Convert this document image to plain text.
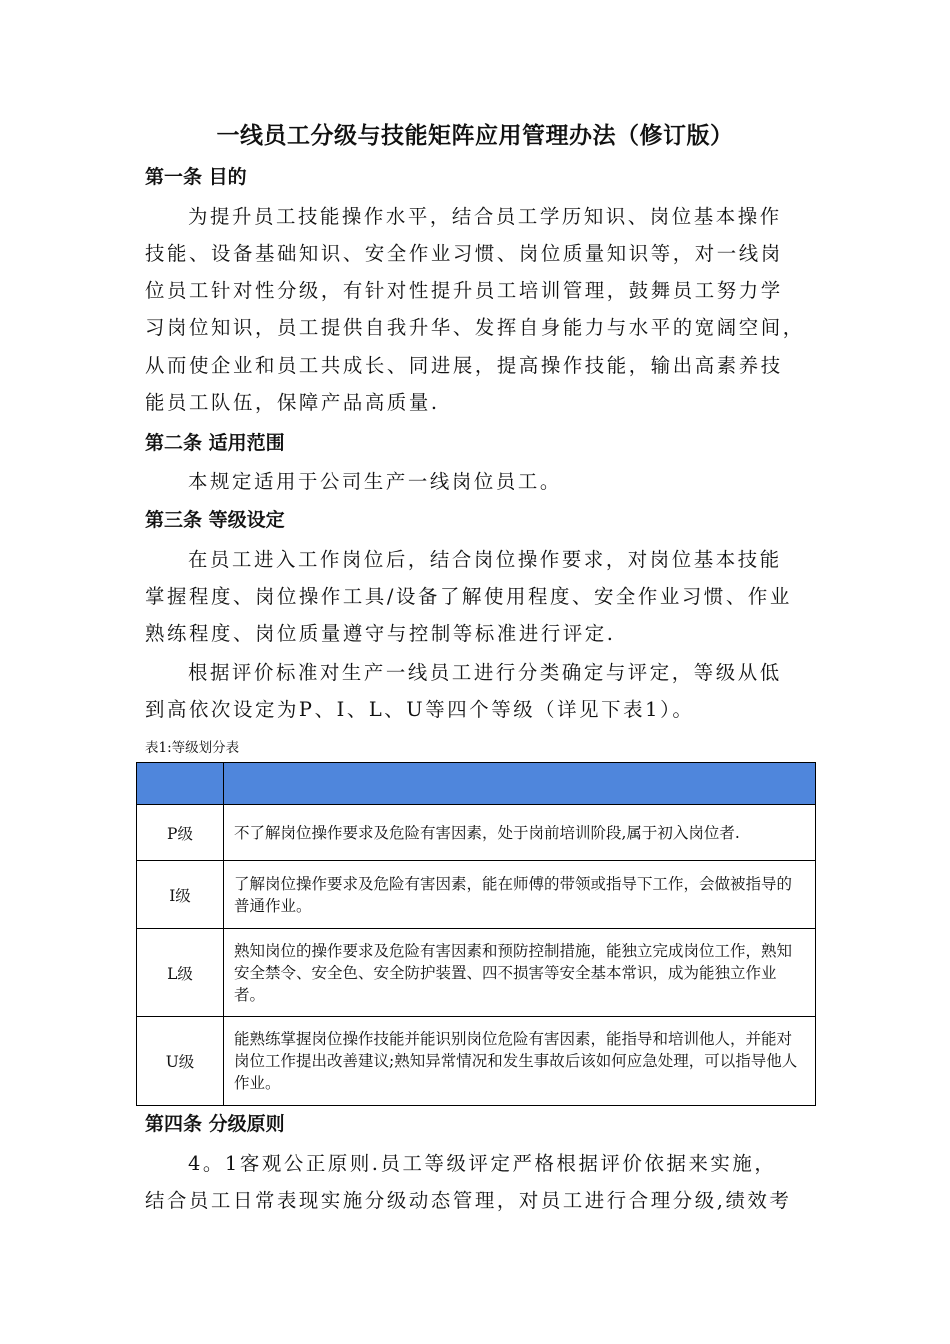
一线员工分级与技能矩阵应用管理办法（修订版）
第一条 目的
为提升员工技能操作水平，结合员工学历知识、岗位基本操作
技能、设备基础知识、安全作业习惯、岗位质量知识等，对一线岗
位员工针对性分级，有针对性提升员工培训管理，鼓舞员工努力学
习岗位知识，员工提供自我升华、发挥自身能力与水平的宽阔空间，
从而使企业和员工共成长、同进展，提高操作技能，输出高素养技
能员工队伍，保障产品高质量.
第二条 适用范围
本规定适用于公司生产一线岗位员工。
第三条 等级设定
在员工进入工作岗位后，结合岗位操作要求，对岗位基本技能
掌握程度、岗位操作工具/设备了解使用程度、安全作业习惯、作业
熟练程度、岗位质量遵守与控制等标准进行评定.
根据评价标准对生产一线员工进行分类确定与评定，等级从低
到高依次设定为P、I、L、U等四个等级（详见下表1）。
表1:等级划分表

P级	不了解岗位操作要求及危险有害因素，处于岗前培训阶段,属于初入岗位者.
I级	了解岗位操作要求及危险有害因素，能在师傅的带领或指导下工作，会做被指导的普通作业。
L级	熟知岗位的操作要求及危险有害因素和预防控制措施，能独立完成岗位工作，熟知安全禁令、安全色、安全防护装置、四不损害等安全基本常识，成为能独立作业者。
U级	能熟练掌握岗位操作技能并能识别岗位危险有害因素，能指导和培训他人，并能对岗位工作提出改善建议;熟知异常情况和发生事故后该如何应急处理，可以指导他人作业。
第四条 分级原则
4。1客观公正原则.员工等级评定严格根据评价依据来实施，
结合员工日常表现实施分级动态管理，对员工进行合理分级,绩效考
